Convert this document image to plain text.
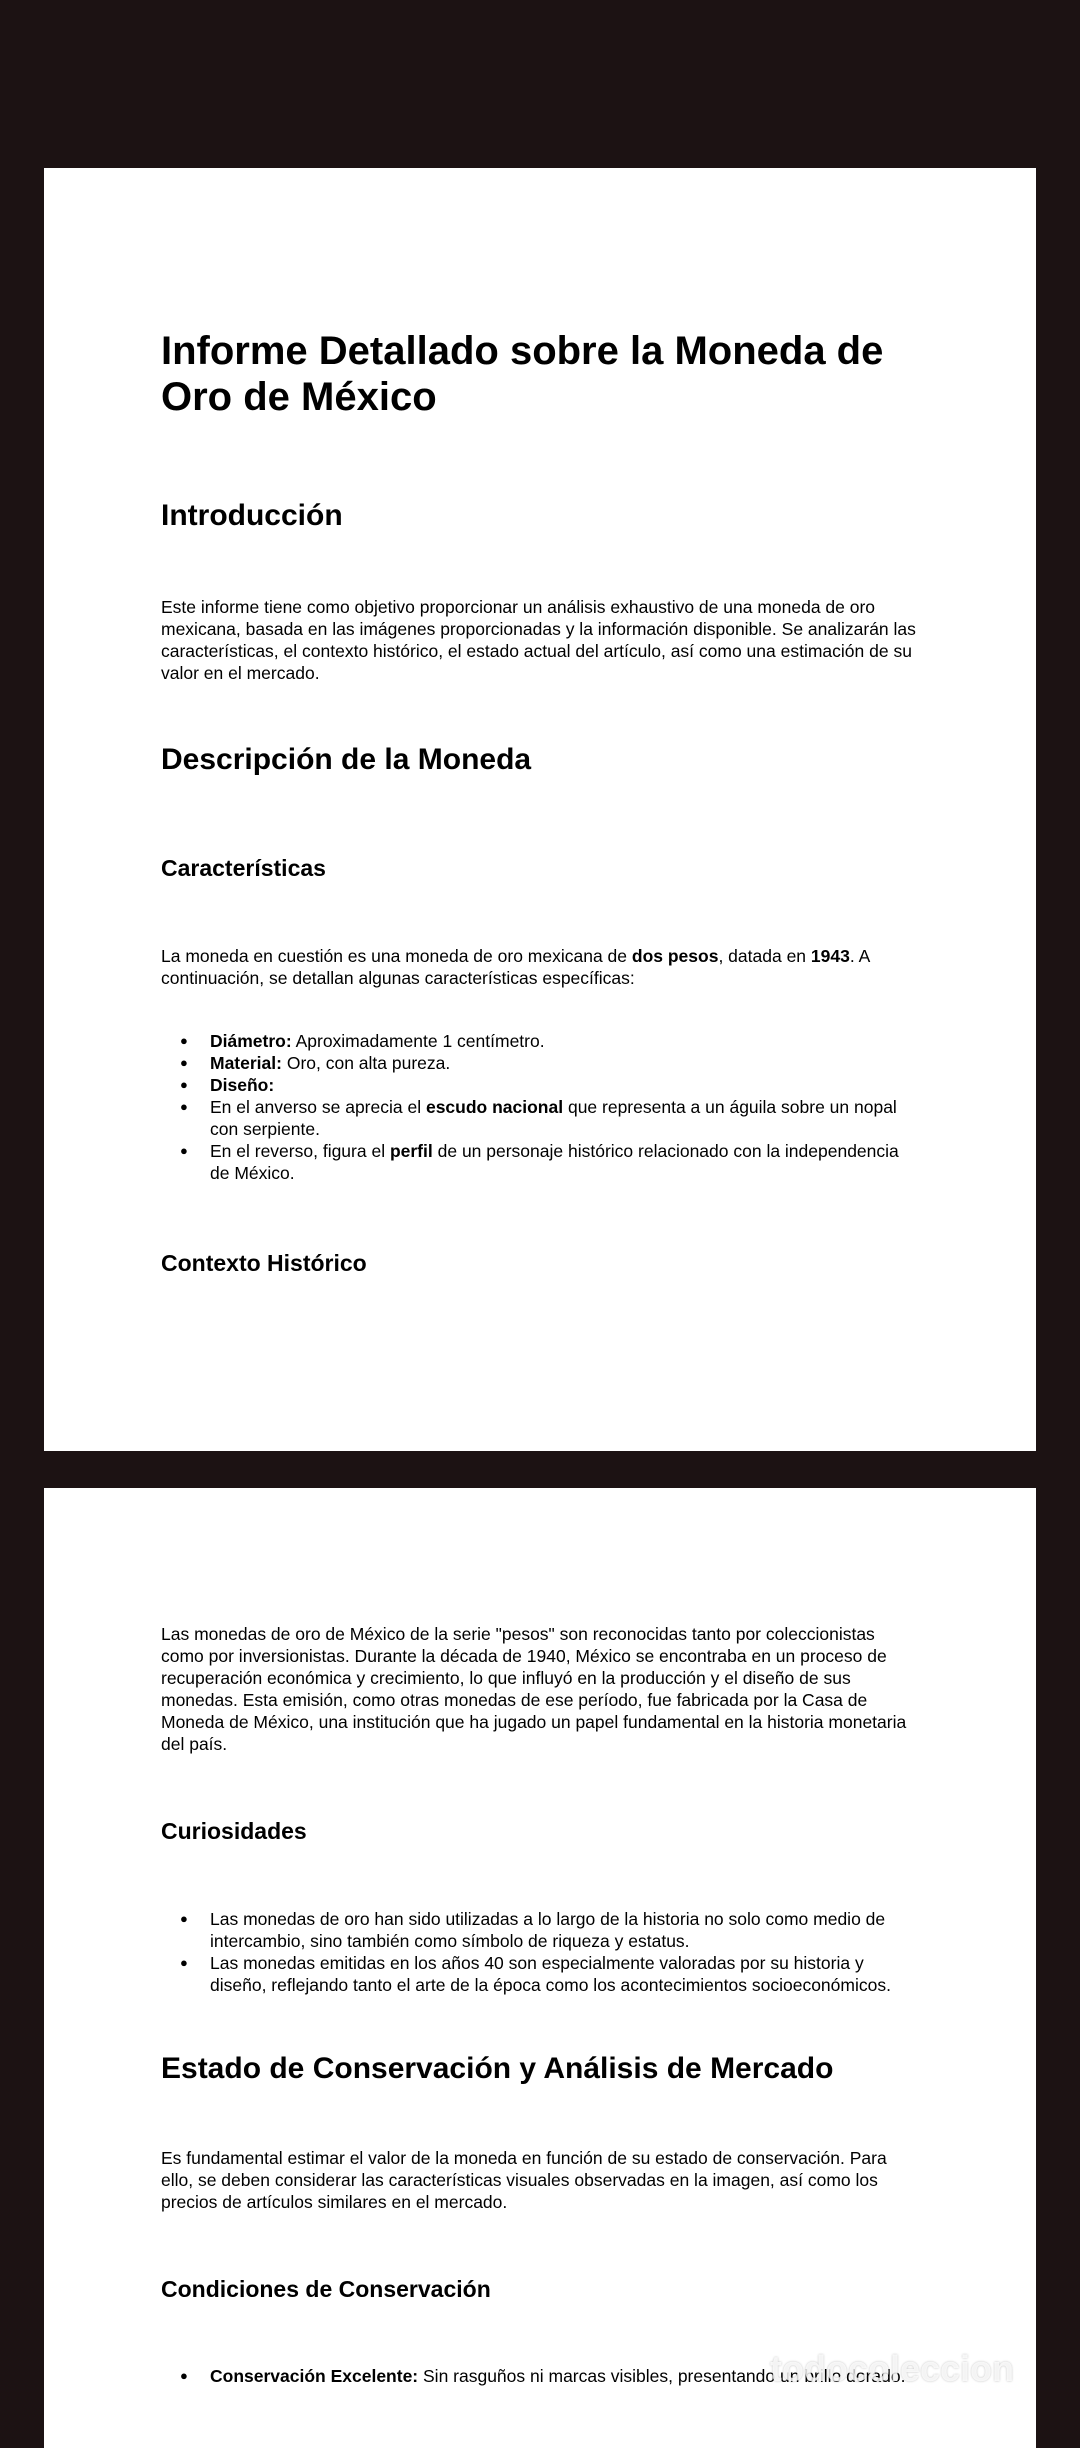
Informe Detallado sobre la Moneda de Oro de México
Introducción

Este informe tiene como objetivo proporcionar un análisis exhaustivo de una moneda de oro mexicana, basada en las imágenes proporcionadas y la información disponible. Se analizarán las características, el contexto histórico, el estado actual del artículo, así como una estimación de su valor en el mercado.

Descripción de la Moneda
Características

La moneda en cuestión es una moneda de oro mexicana de dos pesos, datada en 1943. A continuación, se detallan algunas características específicas:

● Diámetro: Aproximadamente 1 centímetro.
● Material: Oro, con alta pureza.
● Diseño:
● En el anverso se aprecia el escudo nacional que representa a un águila sobre un nopal con serpiente.
● En el reverso, figura el perfil de un personaje histórico relacionado con la independencia de México.
Contexto Histórico

Las monedas de oro de México de la serie "pesos" son reconocidas tanto por coleccionistas como por inversionistas. Durante la década de 1940, México se encontraba en un proceso de recuperación económica y crecimiento, lo que influyó en la producción y el diseño de sus monedas. Esta emisión, como otras monedas de ese período, fue fabricada por la Casa de Moneda de México, una institución que ha jugado un papel fundamental en la historia monetaria del país.

Curiosidades
● Las monedas de oro han sido utilizadas a lo largo de la historia no solo como medio de intercambio, sino también como símbolo de riqueza y estatus.
● Las monedas emitidas en los años 40 son especialmente valoradas por su historia y diseño, reflejando tanto el arte de la época como los acontecimientos socioeconómicos.
Estado de Conservación y Análisis de Mercado

Es fundamental estimar el valor de la moneda en función de su estado de conservación. Para ello, se deben considerar las características visuales observadas en la imagen, así como los precios de artículos similares en el mercado.

Condiciones de Conservación
● Conservación Excelente: Sin rasguños ni marcas visibles, presentando un brillo dorado.
todocoleccion
